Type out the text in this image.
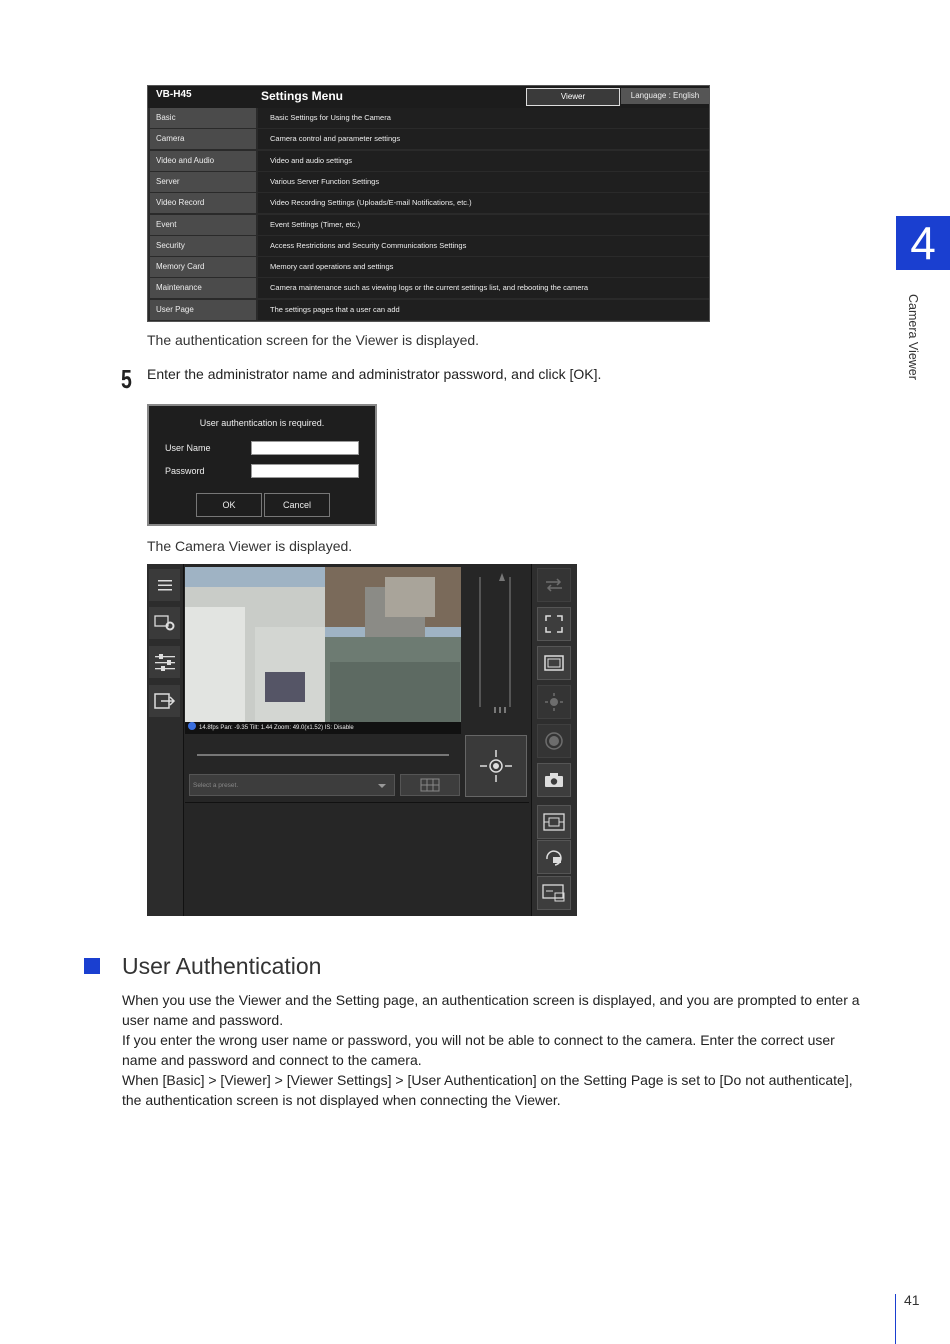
4
Camera Viewer
VB-H45	Settings Menu	Viewer	Language : English
Basic	Basic Settings for Using the Camera
Camera	Camera control and parameter settings
Video and Audio	Video and audio settings
Server	Various Server Function Settings
Video Record	Video Recording Settings (Uploads/E-mail Notifications, etc.)
Event	Event Settings (Timer, etc.)
Security	Access Restrictions and Security Communications Settings
Memory Card	Memory card operations and settings
Maintenance	Camera maintenance such as viewing logs or the current settings list, and rebooting the camera
User Page	The settings pages that a user can add
The authentication screen for the Viewer is displayed.
5 Enter the administrator name and administrator password, and click [OK].
User authentication is required.
User Name
Password
OK	Cancel
The Camera Viewer is displayed.
14.8fps Pan: -9.35 Tilt: 1.44 Zoom: 49.0(x1.52) IS: Disable
Select a preset.
User Authentication

When you use the Viewer and the Setting page, an authentication screen is displayed, and you are prompted to enter a user name and password.

If you enter the wrong user name or password, you will not be able to connect to the camera. Enter the correct user name and password and connect to the camera.

When [Basic] > [Viewer] > [Viewer Settings] > [User Authentication] on the Setting Page is set to [Do not authenticate], the authentication screen is not displayed when connecting the Viewer.

41
